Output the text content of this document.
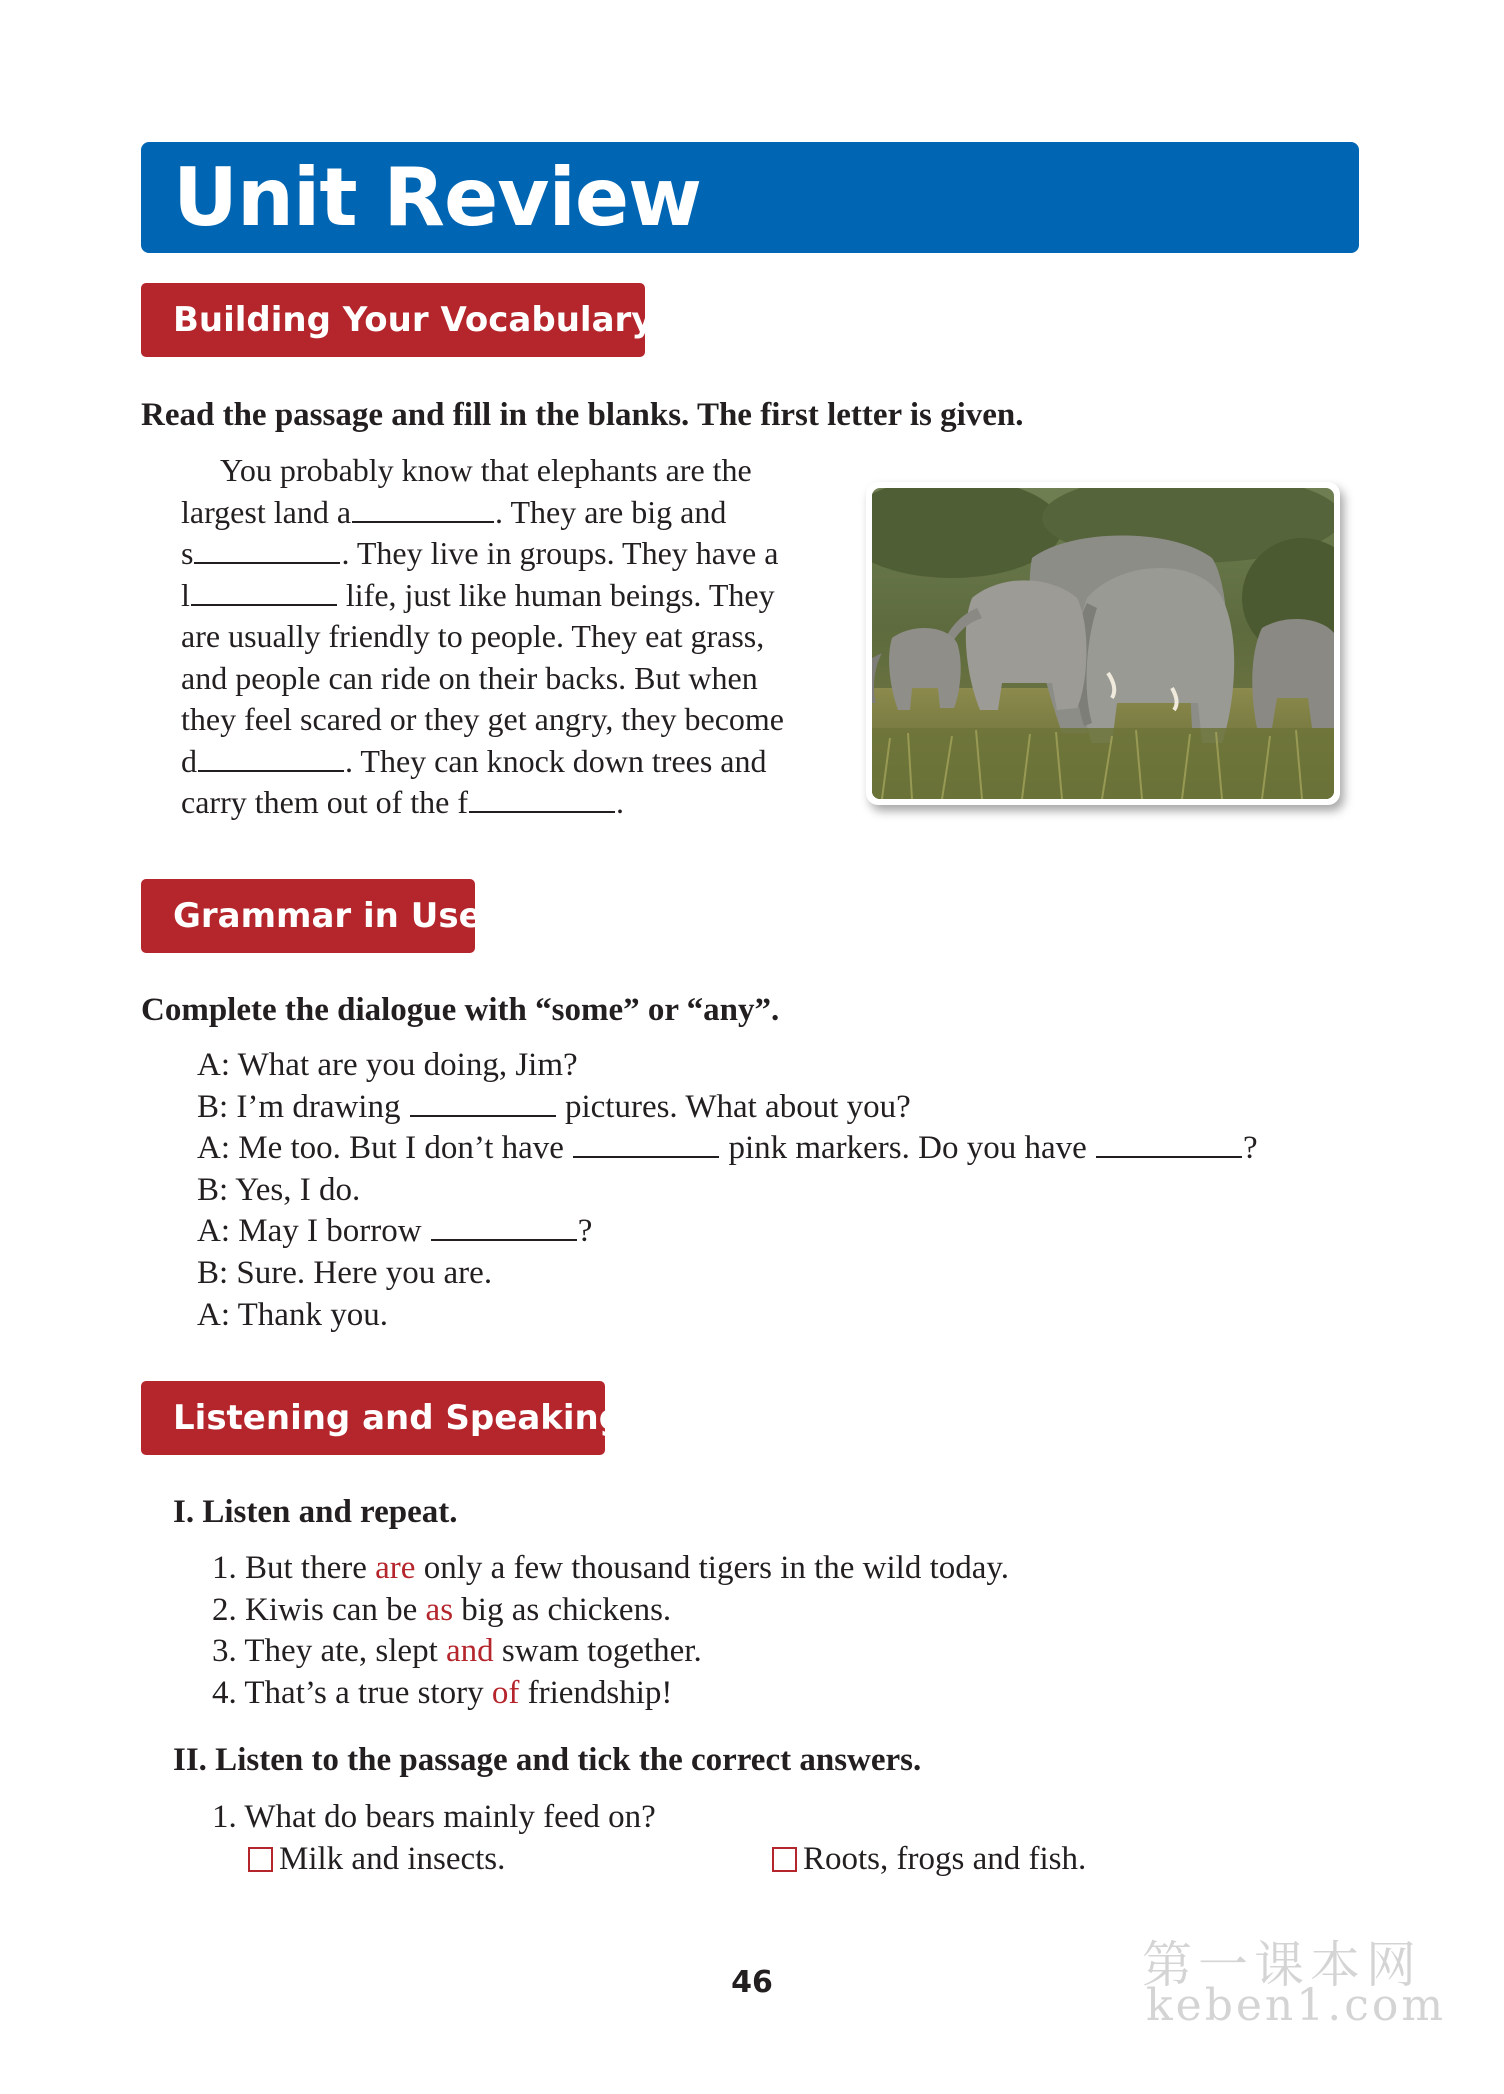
Unit Review
Building Your Vocabulary
Read the passage and fill in the blanks. The first letter is given.
You probably know that elephants are the
largest land a	. They are big and
s	. They live in groups. They have a
l	life, just like human beings. They
are usually friendly to people. They eat grass,
and people can ride on their backs. But when
they feel scared or they get angry, they become
d	. They can knock down trees and
carry them out of the f	.
Grammar in Use
Complete the dialogue with “some” or “any”.
A: What are you doing, Jim?
B: I’m drawing	pictures. What about you?
A: Me too. But I don’t have	pink markers. Do you have	?
B: Yes, I do.
A: May I borrow	?
B: Sure. Here you are.
A: Thank you.
Listening and Speaking
I. Listen and repeat.
1. But there are only a few thousand tigers in the wild today.
2. Kiwis can be as big as chickens.
3. They ate, slept and swam together.
4. That’s a true story of friendship!
II. Listen to the passage and tick the correct answers.
1. What do bears mainly feed on?
Milk and insects.	Roots, frogs and fish.
46	第一课本网
keben1.com
